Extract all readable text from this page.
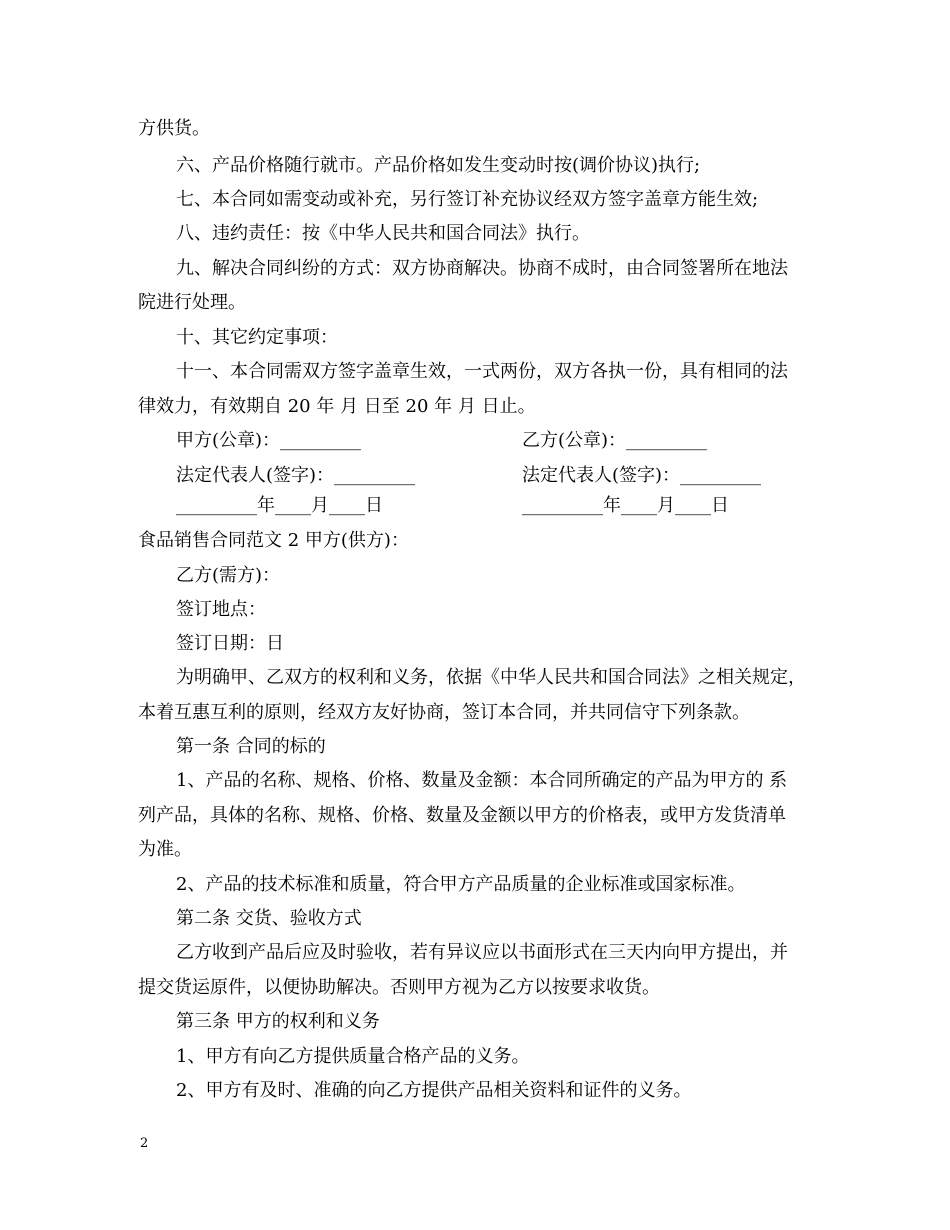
方供货。
六、产品价格随行就市。产品价格如发生变动时按(调价协议)执行;
七、本合同如需变动或补充，另行签订补充协议经双方签字盖章方能生效;
八、违约责任：按《中华人民共和国合同法》执行。
九、解决合同纠纷的方式：双方协商解决。协商不成时，由合同签署所在地法
院进行处理。
十、其它约定事项：
十一、本合同需双方签字盖章生效，一式两份，双方各执一份，具有相同的法
律效力，有效期自 20 年 月 日至 20 年 月 日止。
甲方(公章)：_________	乙方(公章)：_________
法定代表人(签字)：_________	法定代表人(签字)：_________
_________年____月____日	_________年____月____日
食品销售合同范文 2 甲方(供方)：
乙方(需方)：
签订地点：
签订日期：日
为明确甲、乙双方的权利和义务，依据《中华人民共和国合同法》之相关规定，
本着互惠互利的原则，经双方友好协商，签订本合同，并共同信守下列条款。
第一条 合同的标的
1、产品的名称、规格、价格、数量及金额：本合同所确定的产品为甲方的 系
列产品，具体的名称、规格、价格、数量及金额以甲方的价格表，或甲方发货清单
为准。
2、产品的技术标准和质量，符合甲方产品质量的企业标准或国家标准。
第二条 交货、验收方式
乙方收到产品后应及时验收，若有异议应以书面形式在三天内向甲方提出，并
提交货运原件，以便协助解决。否则甲方视为乙方以按要求收货。
第三条 甲方的权利和义务
1、甲方有向乙方提供质量合格产品的义务。
2、甲方有及时、准确的向乙方提供产品相关资料和证件的义务。
2
